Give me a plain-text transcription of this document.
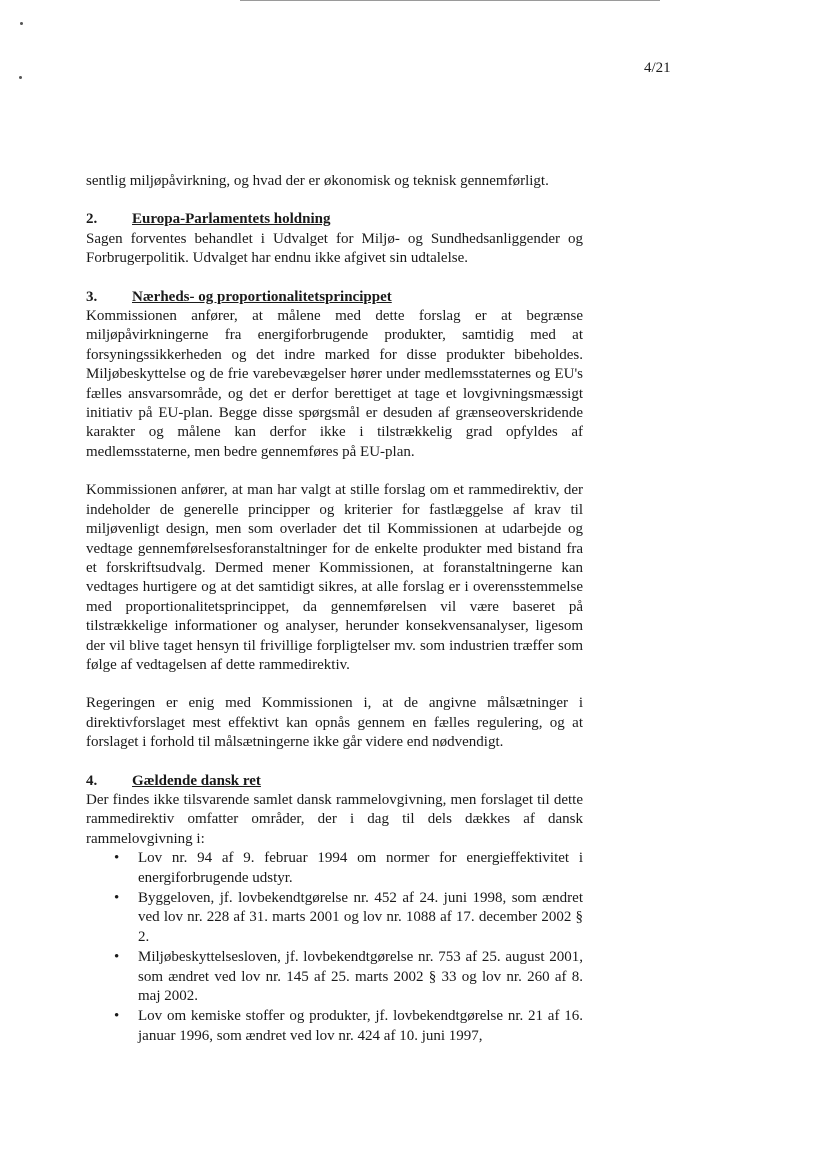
4/21

sentlig miljøpåvirkning, og hvad der er økonomisk og teknisk gennemførligt.

2.	Europa-Parlamentets holdning

Sagen forventes behandlet i Udvalget for Miljø- og Sundhedsanliggender og Forbrugerpolitik. Udvalget har endnu ikke afgivet sin udtalelse.

3.	Nærheds- og proportionalitetsprincippet

Kommissionen anfører, at målene med dette forslag er at begrænse miljøpåvirkningerne fra energiforbrugende produkter, samtidig med at forsyningssikkerheden og det indre marked for disse produkter bibeholdes. Miljøbeskyttelse og de frie varebevægelser hører under medlemsstaternes og EU's fælles ansvarsområde, og det er derfor berettiget at tage et lovgivningsmæssigt initiativ på EU-plan. Begge disse spørgsmål er desuden af grænseoverskridende karakter og målene kan derfor ikke i tilstrækkelig grad opfyldes af medlemsstaterne, men bedre gennemføres på EU-plan.

Kommissionen anfører, at man har valgt at stille forslag om et rammedirektiv, der indeholder de generelle principper og kriterier for fastlæggelse af krav til miljøvenligt design, men som overlader det til Kommissionen at udarbejde og vedtage gennemførelsesforanstaltninger for de enkelte produkter med bistand fra et forskriftsudvalg. Dermed mener Kommissionen, at foranstaltningerne kan vedtages hurtigere og at det samtidigt sikres, at alle forslag er i overensstemmelse med proportionalitetsprincippet, da gennemførelsen vil være baseret på tilstrækkelige informationer og analyser, herunder konsekvensanalyser, ligesom der vil blive taget hensyn til frivillige forpligtelser mv. som industrien træffer som følge af vedtagelsen af dette rammedirektiv.

Regeringen er enig med Kommissionen i, at de angivne målsætninger i direktivforslaget mest effektivt kan opnås gennem en fælles regulering, og at forslaget i forhold til målsætningerne ikke går videre end nødvendigt.

4.	Gældende dansk ret

Der findes ikke tilsvarende samlet dansk rammelovgivning, men forslaget til dette rammedirektiv omfatter områder, der i dag til dels dækkes af dansk rammelovgivning i:

• Lov nr. 94 af 9. februar 1994 om normer for energieffektivitet i energiforbrugende udstyr.
• Byggeloven, jf. lovbekendtgørelse nr. 452 af 24. juni 1998, som ændret ved lov nr. 228 af 31. marts 2001 og lov nr. 1088 af 17. december 2002 § 2.
• Miljøbeskyttelsesloven, jf. lovbekendtgørelse nr. 753 af 25. august 2001, som ændret ved lov nr. 145 af 25. marts 2002 § 33 og lov nr. 260 af 8. maj 2002.
• Lov om kemiske stoffer og produkter, jf. lovbekendtgørelse nr. 21 af 16. januar 1996, som ændret ved lov nr. 424 af 10. juni 1997,
